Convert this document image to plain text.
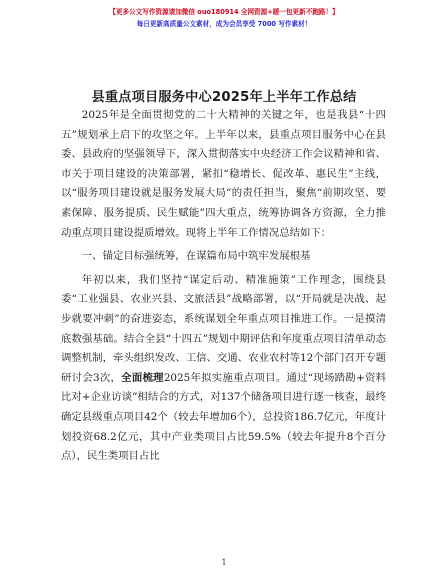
【更多公文写作资源请加微信 ouo180914 全网资源+暖一包更新不跑路！】
每日更新高质量公文素材，成为会员享受 7000 写作素材！
县重点项目服务中心2025年上半年工作总结

2025年是全面贯彻党的二十大精神的关键之年，也是我县“十四五”规划承上启下的攻坚之年。上半年以来，县重点项目服务中心在县委、县政府的坚强领导下，深入贯彻落实中央经济工作会议精神和省、市关于项目建设的决策部署，紧扣“稳增长、促改革、惠民生”主线，以“服务项目建设就是服务发展大局”的责任担当，聚焦“前期攻坚、要素保障、服务提质、民生赋能”四大重点，统筹协调各方资源，全力推动重点项目建设提质增效。现将上半年工作情况总结如下：

一、锚定目标强统筹，在谋篇布局中筑牢发展根基

年初以来，我们坚持“谋定后动、精准施策”工作理念，围绕县委“工业强县、农业兴县、文旅活县”战略部署，以“开局就是决战、起步就要冲刺”的奋进姿态，系统谋划全年重点项目推进工作。一是摸清底数强基础。结合全县“十四五”规划中期评估和年度重点项目清单动态调整机制，牵头组织发改、工信、交通、农业农村等12个部门召开专题研讨会3次，全面梳理2025年拟实施重点项目。通过“现场踏勘+资料比对+企业访谈”相结合的方式，对137个储备项目进行逐一核查，最终确定县级重点项目42个（较去年增加6个），总投资186.7亿元，年度计划投资68.2亿元，其中产业类项目占比59.5%（较去年提升8个百分点），民生类项目占比

1
